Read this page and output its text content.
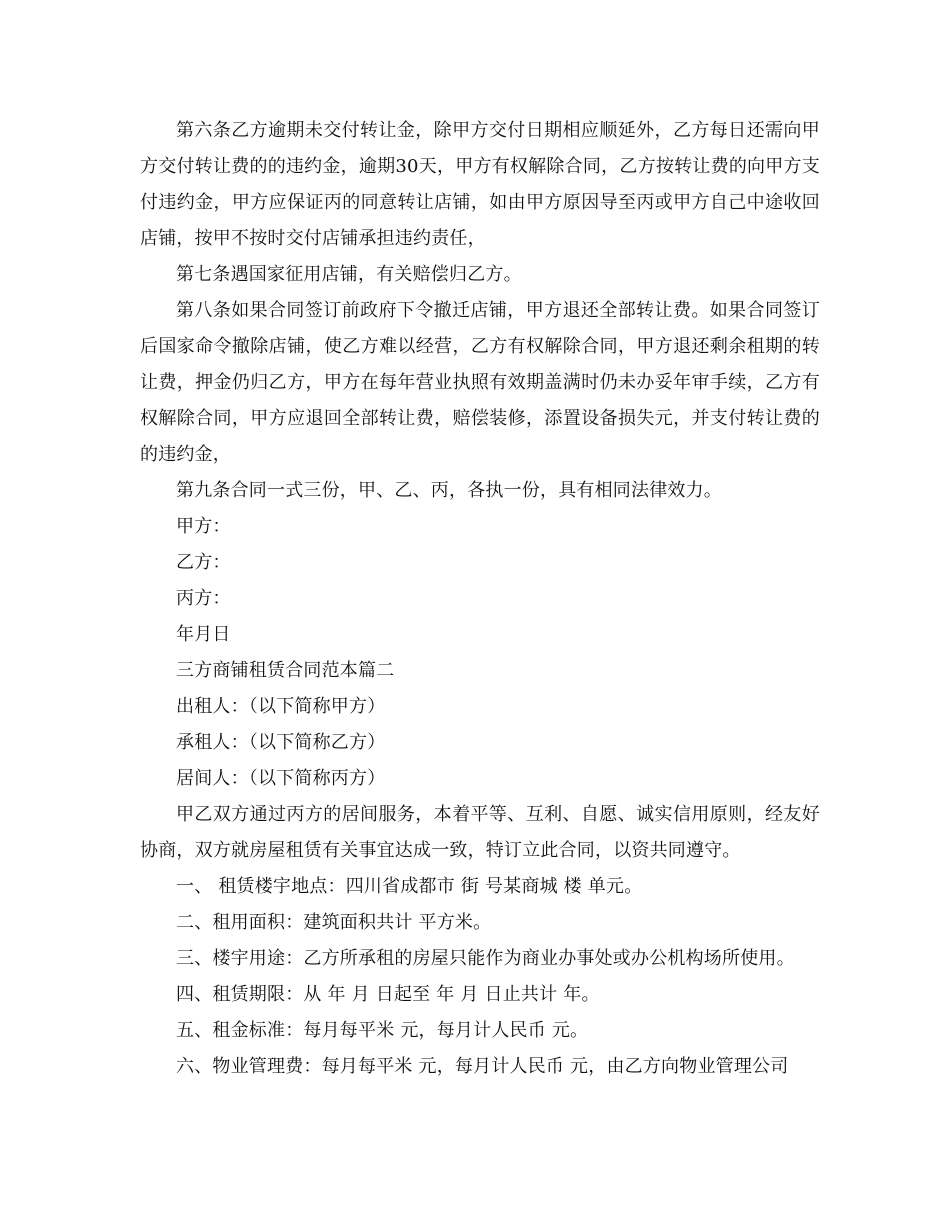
第六条乙方逾期未交付转让金，除甲方交付日期相应顺延外，乙方每日还需向甲方交付转让费的的违约金，逾期30天，甲方有权解除合同，乙方按转让费的向甲方支付违约金，甲方应保证丙的同意转让店铺，如由甲方原因导至丙或甲方自己中途收回店铺，按甲不按时交付店铺承担违约责任，

第七条遇国家征用店铺，有关赔偿归乙方。

第八条如果合同签订前政府下令撤迁店铺，甲方退还全部转让费。如果合同签订后国家命令撤除店铺，使乙方难以经营，乙方有权解除合同，甲方退还剩余租期的转让费，押金仍归乙方，甲方在每年营业执照有效期盖满时仍未办妥年审手续，乙方有权解除合同，甲方应退回全部转让费，赔偿装修，添置设备损失元，并支付转让费的的违约金，

第九条合同一式三份，甲、乙、丙，各执一份，具有相同法律效力。

甲方：

乙方：

丙方：

年月日

三方商铺租赁合同范本篇二

出租人：（以下简称甲方）

承租人：（以下简称乙方）

居间人：（以下简称丙方）

甲乙双方通过丙方的居间服务，本着平等、互利、自愿、诚实信用原则，经友好协商，双方就房屋租赁有关事宜达成一致，特订立此合同，以资共同遵守。

一、 租赁楼宇地点：四川省成都市 街 号某商城 楼 单元。

二、租用面积：建筑面积共计 平方米。

三、楼宇用途：乙方所承租的房屋只能作为商业办事处或办公机构场所使用。

四、租赁期限：从 年 月 日起至 年 月 日止共计 年。

五、租金标准：每月每平米 元，每月计人民币 元。

六、物业管理费：每月每平米 元，每月计人民币 元，由乙方向物业管理公司
